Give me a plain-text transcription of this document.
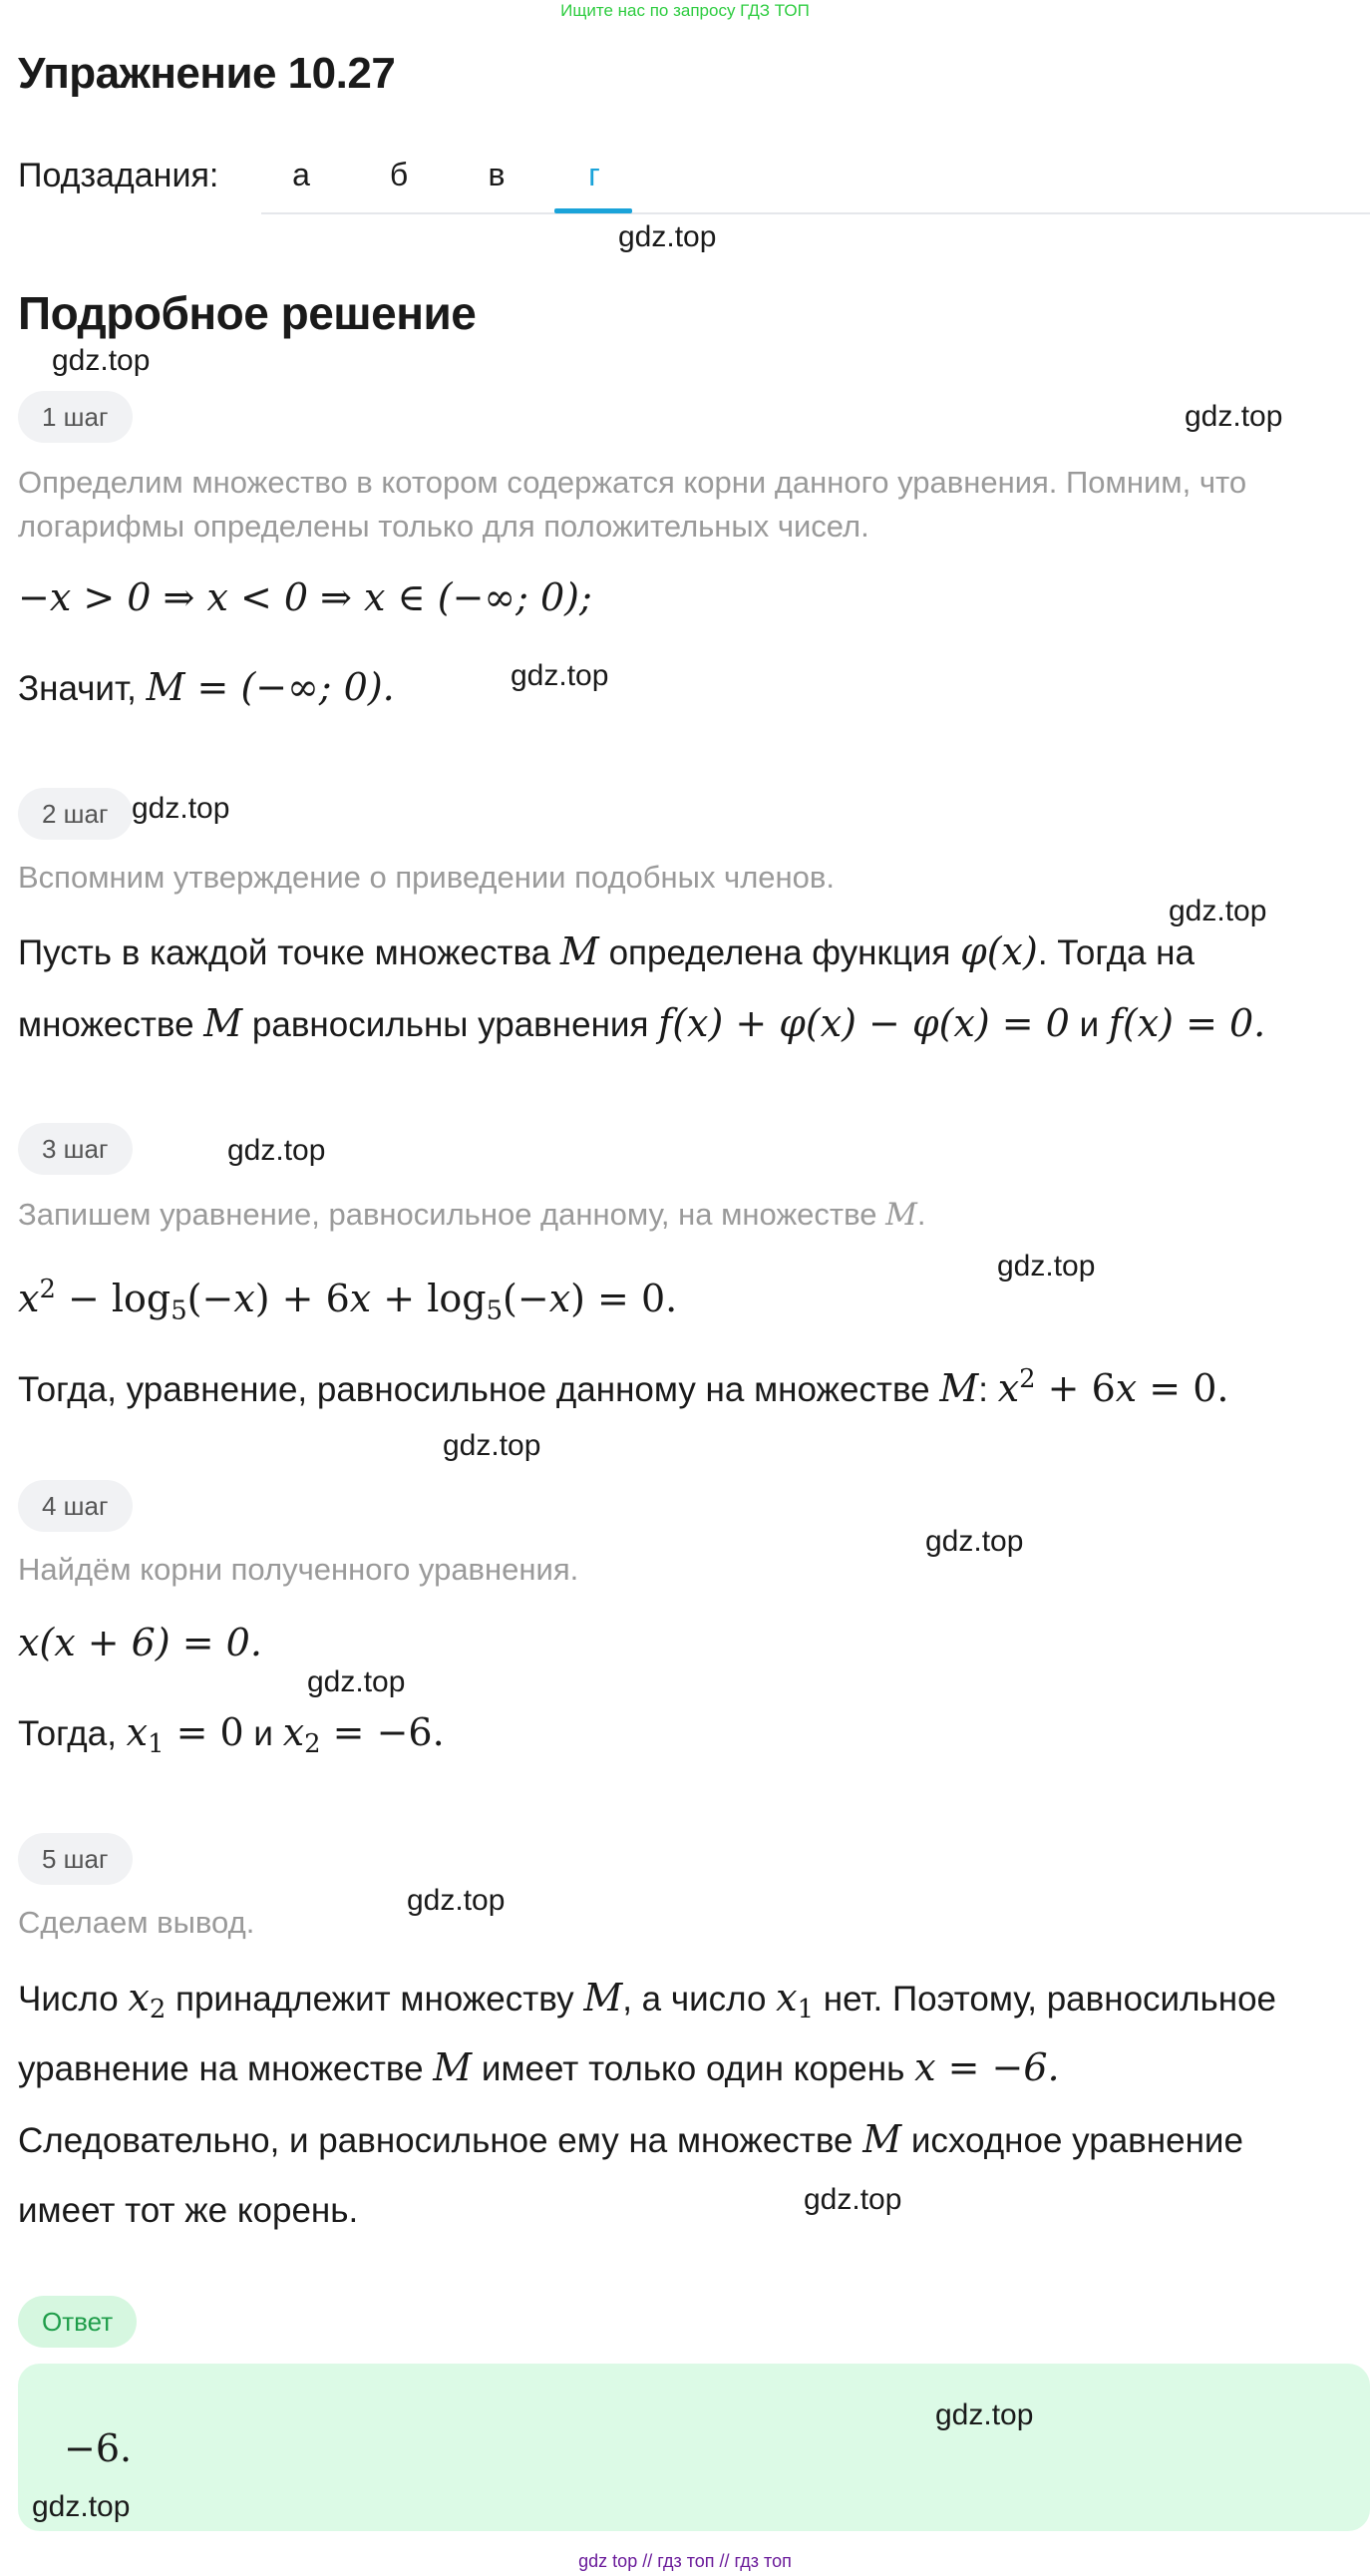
Ищите нас по запросу ГДЗ ТОП
Упражнение 10.27
Подзадания:	а	б	в	г
gdz.top
Подробное решение
gdz.top
1 шаг	gdz.top
Определим множество в котором содержатся корни данного уравнения. Помним, что логарифмы определены только для положительных чисел.
−x > 0 ⇒ x < 0 ⇒ x ∈ (−∞; 0);
Значит, M = (−∞; 0).	gdz.top
2 шаг gdz.top
Вспомним утверждение о приведении подобных членов.
gdz.top
Пусть в каждой точке множества M определена функция φ(x). Тогда на
множестве M равносильны уравнения f(x) + φ(x) − φ(x) = 0 и f(x) = 0.
3 шаг	gdz.top
Запишем уравнение, равносильное данному, на множестве M.
gdz.top
$x^2 - \log_5(-x) + 6x + \log_5(-x) = 0$.
Тогда, уравнение, равносильное данному на множестве M: $x^2 + 6x = 0$.
gdz.top
4 шаг
gdz.top
Найдём корни полученного уравнения.
x(x + 6) = 0.
gdz.top
Тогда, $x_1 = 0$ и $x_2 = -6$.
5 шаг
gdz.top
Сделаем вывод.
Число $x_2$ принадлежит множеству M, а число $x_1$ нет. Поэтому, равносильное
уравнение на множестве M имеет только один корень x = −6.
Следовательно, и равносильное ему на множестве M исходное уравнение
имеет тот же корень.	gdz.top
Ответ
gdz.top
−6.
gdz.top
gdz top // гдз топ // гдз топ
